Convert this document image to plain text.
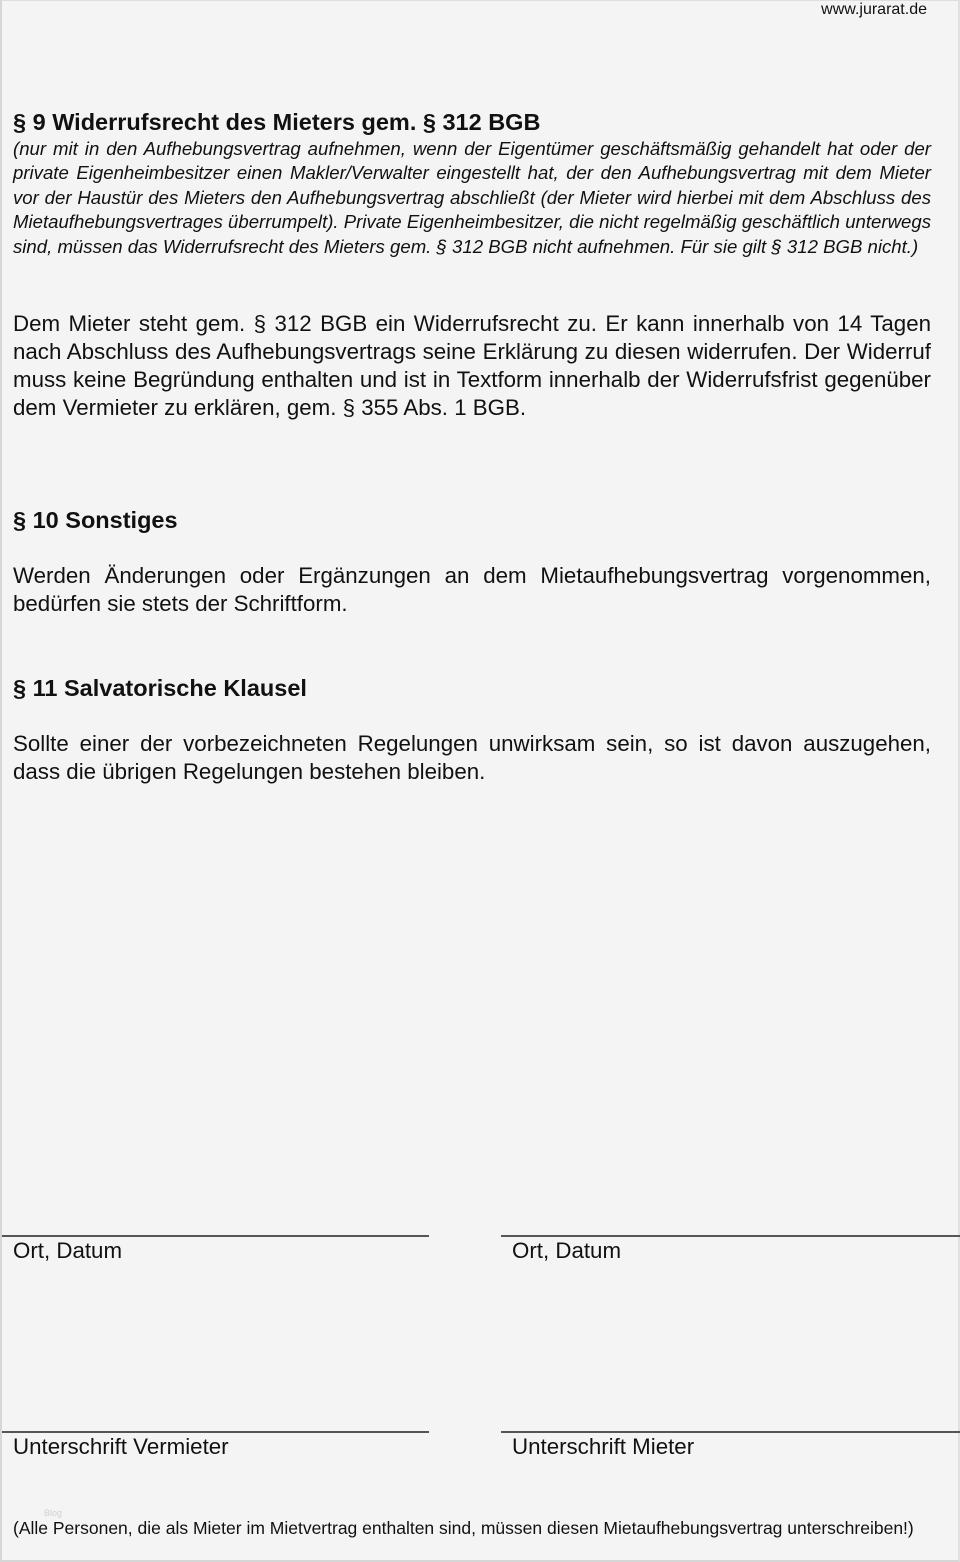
www.jurarat.de
§ 9 Widerrufsrecht des Mieters gem. § 312 BGB
(nur mit in den Aufhebungsvertrag aufnehmen, wenn der Eigentümer geschäftsmäßig gehandelt hat oder der private Eigenheimbesitzer einen Makler/Verwalter eingestellt hat, der den Aufhebungsvertrag mit dem Mieter vor der Haustür des Mieters den Aufhebungsvertrag abschließt (der Mieter wird hierbei mit dem Abschluss des Mietaufhebungsvertrages überrumpelt). Private Eigenheimbesitzer, die nicht regelmäßig geschäftlich unterwegs sind, müssen das Widerrufsrecht des Mieters gem. § 312 BGB nicht aufnehmen. Für sie gilt § 312 BGB nicht.)
Dem Mieter steht gem. § 312 BGB ein Widerrufsrecht zu. Er kann innerhalb von 14 Tagen nach Abschluss des Aufhebungsvertrags seine Erklärung zu diesen widerrufen. Der Widerruf muss keine Begründung enthalten und ist in Textform innerhalb der Widerrufsfrist gegenüber dem Vermieter zu erklären, gem. § 355 Abs. 1 BGB.
§ 10 Sonstiges
Werden Änderungen oder Ergänzungen an dem Mietaufhebungsvertrag vorgenommen, bedürfen sie stets der Schriftform.
§ 11 Salvatorische Klausel
Sollte einer der vorbezeichneten Regelungen unwirksam sein, so ist davon auszugehen, dass die übrigen Regelungen bestehen bleiben.
Ort, Datum	Ort, Datum
Unterschrift Vermieter	Unterschrift Mieter
Blog
(Alle Personen, die als Mieter im Mietvertrag enthalten sind, müssen diesen Mietaufhebungsvertrag unterschreiben!)
